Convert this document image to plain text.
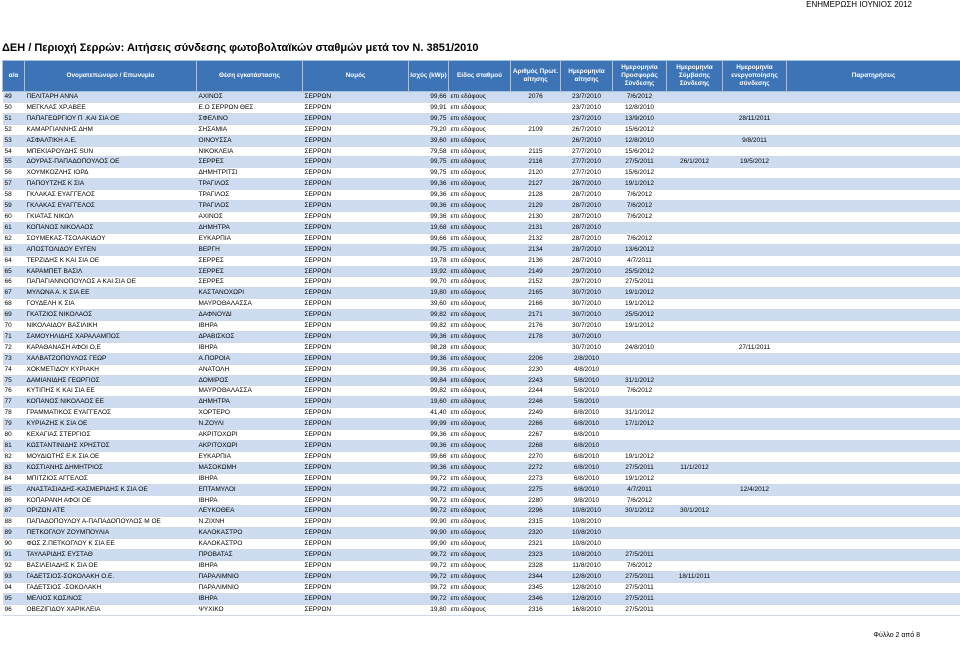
ΕΝΗΜΕΡΩΣΗ ΙΟΥΝΙΟΣ 2012
ΔΕΗ / Περιοχή Σερρών: Αιτήσεις σύνδεσης φωτοβολταϊκών σταθμών μετά τον Ν. 3851/2010
α/α	Ονοματεπώνυμο / Επωνυμία	Θέση εγκατάστασης	Νομός	Ισχύς (kWp)	Είδος σταθμού	Αριθμός Πρωτ. αίτησης	Ημερομηνία αίτησης	Ημερομηνία Προσφοράς Σύνδεσης	Ημερομηνία Σύμβασης Σύνδεσης	Ημερομηνία ενεργοποίησης σύνδεσης	Παρατηρήσεις
49	ΠΕΛΙΤΑΡΗ ΑΝΝΑ	ΑΧΙΝΟΣ	ΣΕΡΡΩΝ	99,66	επι εδάφους	2076	23/7/2010	7/6/2012			
50	ΜΕΓΚΛΑΣ ΧΡ.ΑΒΕΕ	Ε.Ο ΣΕΡΡΩΝ ΘΕΣ	ΣΕΡΡΩΝ	99,91	επι εδάφους		23/7/2010	12/8/2010			
51	ΠΑΠΑΓΕΩΡΓΙΟΥ Π .ΚΑΙ ΣΙΑ ΟΕ	ΣΦΕΛΙΝΟ	ΣΕΡΡΩΝ	99,75	επι εδάφους		23/7/2010	13/9/2010		28/11/2011	
52	ΚΑΜΑΡΓΙΑΝΝΗΣ ΔΗΜ	ΣΗΣΑΜΙΑ	ΣΕΡΡΩΝ	79,20	επι εδάφους	2109	26/7/2010	15/6/2012			
53	ΑΣΦΑΛΤΙΚΗ Α.Ε.	ΟΙΝΟΥΣΣΑ	ΣΕΡΡΩΝ	39,60	επι εδάφους		26/7/2010	12/8/2010		9/8/2011	
54	ΜΠΕΚΙΑΡΟΥΔΗΣ SUN	ΝΙΚΟΚΛΕΙΑ	ΣΕΡΡΩΝ	79,58	επι εδάφους	2115	27/7/2010	15/6/2012			
55	ΔΟΥΡΑΣ-ΠΑΠΑΔΟΠΟΥΛΟΣ ΟΕ	ΣΕΡΡΕΣ	ΣΕΡΡΩΝ	99,75	επι εδάφους	2116	27/7/2010	27/5/2011	26/1/2012	19/5/2012	
56	ΧΟΥΜΚΟΖΛΗΣ ΙΟΡΔ	ΔΗΜΗΤΡΙΤΣΙ	ΣΕΡΡΩΝ	99,75	επι εδάφους	2120	27/7/2010	15/6/2012			
57	ΠΑΠΟΥΤΖΗΣ Κ ΣΙΑ	ΤΡΑΓΙΛΟΣ	ΣΕΡΡΩΝ	99,36	επι εδάφους	2127	28/7/2010	19/1/2012			
58	ΓΚΛΑΚΑΣ ΕΥΑΓΓΕΛΟΣ	ΤΡΑΓΙΛΟΣ	ΣΕΡΡΩΝ	99,36	επι εδάφους	2128	28/7/2010	7/6/2012			
59	ΓΚΛΑΚΑΣ ΕΥΑΓΓΕΛΟΣ	ΤΡΑΓΙΛΟΣ	ΣΕΡΡΩΝ	99,36	επι εδάφους	2129	28/7/2010	7/6/2012			
60	ΓΚΙΑΤΑΣ ΝΙΚΟΛ	ΑΧΙΝΟΣ	ΣΕΡΡΩΝ	99,36	επι εδάφους	2130	28/7/2010	7/6/2012			
61	ΚΟΠΑΝΟΣ ΝΙΚΟΛΑΟΣ	ΔΗΜΗΤΡΑ	ΣΕΡΡΩΝ	19,68	επι εδάφους	2131	28/7/2010				
62	ΣΟΥΜΕΚΑΣ-ΤΣΟΛΑΚΙΔΟΥ	ΕΥΚΑΡΠΙΑ	ΣΕΡΡΩΝ	99,66	επι εδάφους	2132	28/7/2010	7/6/2012			
63	ΑΠΟΣΤΟΛΙΔΟΥ ΕΥΓΕΝ	ΒΕΡΓΗ	ΣΕΡΡΩΝ	99,75	επι εδάφους	2134	28/7/2010	13/6/2012			
64	ΤΕΡΖΙΔΗΣ Κ ΚΑΙ ΣΙΑ ΟΕ	ΣΕΡΡΕΣ	ΣΕΡΡΩΝ	19,78	επι εδάφους	2136	28/7/2010	4/7/2011			
65	ΚΑΡΑΜΠΕΤ ΒΑΣΙΛ	ΣΕΡΡΕΣ	ΣΕΡΡΩΝ	19,92	επι εδάφους	2149	29/7/2010	25/5/2012			
66	ΠΑΠΑΓΙΑΝΝΟΠΟΥΛΟΣ Α ΚΑΙ ΣΙΑ ΟΕ	ΣΕΡΡΕΣ	ΣΕΡΡΩΝ	99,70	επι εδάφους	2152	29/7/2010	27/5/2011			
67	ΜΥΛΩΝΑ Α. Κ ΣΙΑ ΕΕ	ΚΑΣΤΑΝΟΧΩΡΙ	ΣΕΡΡΩΝ	19,80	επι εδάφους	2165	30/7/2010	19/1/2012			
68	ΓΟΥΔΕΛΗ Κ ΣΙΑ	ΜΑΥΡΟΘΑΛΑΣΣΑ	ΣΕΡΡΩΝ	39,60	επι εδάφους	2166	30/7/2010	19/1/2012			
69	ΓΚΑΤΖΙΟΣ ΝΙΚΟΛΑΟΣ	ΔΑΦΝΟΥΔΙ	ΣΕΡΡΩΝ	99,82	επι εδάφους	2171	30/7/2010	25/5/2012			
70	ΝΙΚΟΛΑΙΔΟΥ ΒΑΣΙΛΙΚΗ	ΙΒΗΡΑ	ΣΕΡΡΩΝ	99,82	επι εδάφους	2176	30/7/2010	19/1/2012			
71	ΣΑΜΟΥΗΛΙΔΗΣ ΧΑΡΑΛΑΜΠΟΣ	ΔΡΑΒΙΣΚΟΣ	ΣΕΡΡΩΝ	99,36	επι εδάφους	2178	30/7/2010				
72	ΚΑΡΑΘΑΝΑΣΗ ΑΦΟΙ Ο,Ε	ΙΒΗΡΑ	ΣΕΡΡΩΝ	98,28	επι εδάφους		30/7/2010	24/8/2010		27/11/2011	
73	ΧΑΛΒΑΤΖΟΠΟΥΛΟΣ ΓΕΩΡ	Α.ΠΟΡΟΙΑ	ΣΕΡΡΩΝ	99,36	επι εδάφους	2206	2/8/2010				
74	ΧΟΚΜΕΤΙΔΟΥ ΚΥΡΙΑΚΗ	ΑΝΑΤΟΛΗ	ΣΕΡΡΩΝ	99,36	επι εδάφους	2230	4/8/2010				
75	ΔΑΜΙΑΝΙΔΗΣ ΓΕΩΡΓΙΟΣ	ΔΟΜΙΡΟΣ	ΣΕΡΡΩΝ	99,84	επι εδάφους	2243	5/8/2010	31/1/2012			
76	ΚΥΤΙΠΗΣ Κ ΚΑΙ ΣΙΑ ΕΕ	ΜΑΥΡΟΘΑΛΑΣΣΑ	ΣΕΡΡΩΝ	99,82	επι εδάφους	2244	5/8/2010	7/6/2012			
77	ΚΟΠΑΝΟΣ ΝΙΚΟΛΑΟΣ ΕΕ	ΔΗΜΗΤΡΑ	ΣΕΡΡΩΝ	19,60	επι εδάφους	2246	5/8/2010				
78	ΓΡΑΜΜΑΤΙΚΟΣ ΕΥΑΓΓΕΛΟΣ	ΧΟΡΤΕΡΟ	ΣΕΡΡΩΝ	41,40	επι εδάφους	2249	6/8/2010	31/1/2012			
79	ΚΥΡΙΑΖΗΣ Κ ΣΙΑ ΟΕ	Ν.ΖΟΥΛΙ	ΣΕΡΡΩΝ	99,99	επι εδάφους	2266	6/8/2010	17/1/2012			
80	ΚΕΧΑΓΙΑΣ ΣΤΕΡΓΙΟΣ	ΑΚΡΙΤΟΧΩΡΙ	ΣΕΡΡΩΝ	99,36	επι εδάφους	2267	6/8/2010				
81	ΚΩΣΤΑΝΤΙΝΙΔΗΣ ΧΡΗΣΤΟΣ	ΑΚΡΙΤΟΧΩΡΙ	ΣΕΡΡΩΝ	99,36	επι εδάφους	2268	6/8/2010				
82	ΜΟΥΔΙΩΤΗΣ Ε.Κ ΣΙΑ ΟΕ	ΕΥΚΑΡΠΙΑ	ΣΕΡΡΩΝ	99,66	επι εδάφους	2270	6/8/2010	19/1/2012			
83	ΚΩΣΤΙΑΝΗΣ ΔΗΜΗΤΡΙΟΣ	ΜΑΣΟΚΩΜΗ	ΣΕΡΡΩΝ	99,36	επι εδάφους	2272	6/8/2010	27/5/2011	11/1/2012		
84	ΜΠΙΤΖΙΟΣ ΑΓΓΕΛΟΣ	ΙΒΗΡΑ	ΣΕΡΡΩΝ	99,72	επι εδάφους	2273	6/8/2010	19/1/2012			
85	ΑΝΑΣΤΑΣΙΑΔΗΣ-ΚΑΣΜΕΡΙΔΗΣ Κ ΣΙΑ ΟΕ	ΕΠΤΑΜΥΛΟΙ	ΣΕΡΡΩΝ	99,72	επι εδάφους	2275	6/8/2010	4/7/2011		12/4/2012	
86	ΚΟΠΑΡΑΝΗ ΑΦΟΙ ΟΕ	ΙΒΗΡΑ	ΣΕΡΡΩΝ	99,72	επι εδάφους	2280	9/8/2010	7/6/2012			
87	ΟΡΙΖΩΝ ΑΤΕ	ΛΕΥΚΟΘΕΑ	ΣΕΡΡΩΝ	99,72	επι εδάφους	2296	10/8/2010	30/1/2012	30/1/2012		
88	ΠΑΠΑΔΟΠΟΥΛΟΥ Α-ΠΑΠΑΔΟΠΟΥΛΟΣ Μ ΟΕ	Ν.ΖΙΧΝΗ	ΣΕΡΡΩΝ	99,90	επι εδάφους	2315	10/8/2010				
89	ΠΕΤΚΟΓΛΟΥ ΖΟΥΜΠΟΥΛΙΑ	ΚΑΛΟΚΑΣΤΡΟ	ΣΕΡΡΩΝ	99,90	επι εδάφους	2320	10/8/2010				
90	ΦΩΣ Ζ.ΠΕΤΚΟΓΛΟΥ Κ ΣΙΑ ΕΕ	ΚΑΛΟΚΑΣΤΡΟ	ΣΕΡΡΩΝ	99,90	επι εδάφους	2321	10/8/2010				
91	ΤΑΥΛΑΡΙΔΗΣ ΕΥΣΤΑΘ	ΠΡΟΒΑΤΑΣ	ΣΕΡΡΩΝ	99,72	επι εδάφους	2323	10/8/2010	27/5/2011			
92	ΒΑΣΙΛΕΙΑΔΗΣ Κ ΣΙΑ ΟΕ	ΙΒΗΡΑ	ΣΕΡΡΩΝ	99,72	επι εδάφους	2328	11/8/2010	7/6/2012			
93	ΓΑΔΕΤΣΙΟΣ-ΣΟΚΟΛΑΚΗ Ο.Ε.	ΠΑΡΑΛΙΜΝΙΟ	ΣΕΡΡΩΝ	99,72	επι εδάφους	2344	12/8/2010	27/5/2011	18/11/2011		
94	ΓΑΔΕΤΣΙΟΣ -ΣΟΚΟΛΑΚΗ	ΠΑΡΑΛΙΜΝΙΟ	ΣΕΡΡΩΝ	99,72	επι εδάφους	2345	12/8/2010	27/5/2011			
95	ΜΕΛΙΟΣ ΚΩΣ/ΝΟΣ	ΙΒΗΡΑ	ΣΕΡΡΩΝ	99,72	επι εδάφους	2346	12/8/2010	27/5/2011			
96	ΟΒΕΖΙΓΙΔΟΥ ΧΑΡΙΚΛΕΙΑ	ΨΥΧΙΚΟ	ΣΕΡΡΩΝ	19,80	επι εδάφους	2316	16/8/2010	27/5/2011			
Φύλλο 2 από 8
